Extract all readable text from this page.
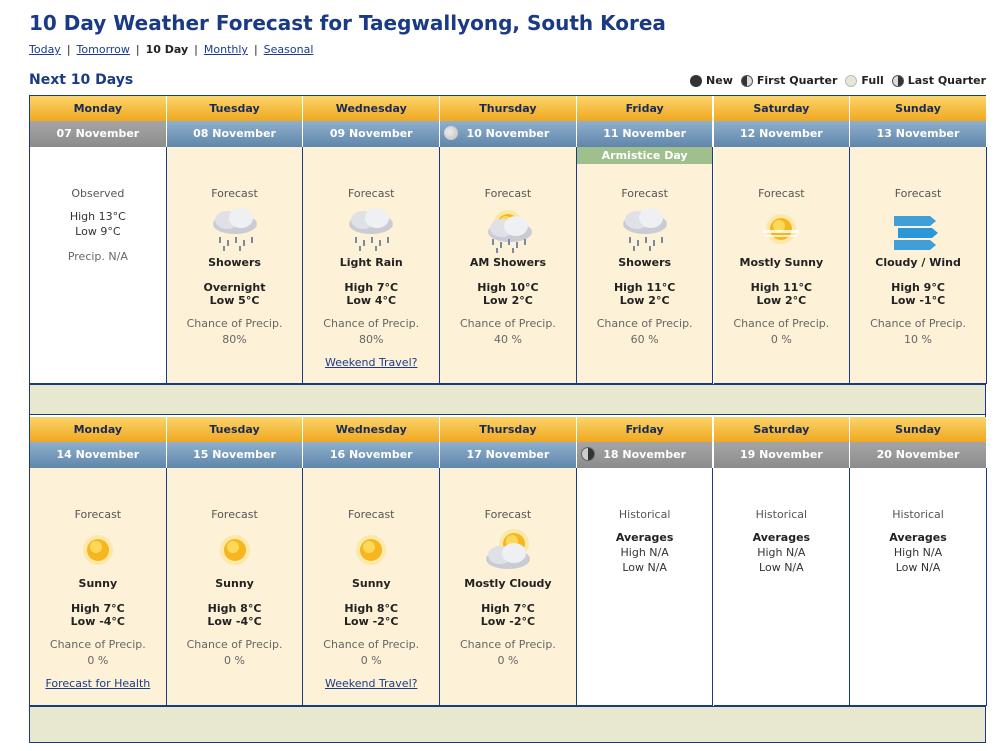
10 Day Weather Forecast for Taegwallyong, South Korea
Today | Tomorrow | 10 Day | Monthly | Seasonal
Next 10 Days	New First Quarter Full Last Quarter
Monday
07 November
Observed
High 13°C
Low 9°C
Precip. N/A
Tuesday
08 November
Forecast
Showers
Overnight
Low 5°C
Chance of Precip.
80%
Wednesday
09 November
Forecast
Light Rain
High 7°C
Low 4°C
Chance of Precip.
80%
Weekend Travel?
Thursday
10 November
Forecast
AM Showers
High 10°C
Low 2°C
Chance of Precip.
40 %
Friday
11 November
Armistice Day
Forecast
Showers
High 11°C
Low 2°C
Chance of Precip.
60 %
Saturday
12 November
Forecast
Mostly Sunny
High 11°C
Low 2°C
Chance of Precip.
0 %
Sunday
13 November
Forecast
Cloudy / Wind
High 9°C
Low -1°C
Chance of Precip.
10 %
Monday
14 November
Forecast
Sunny
High 7°C
Low -4°C
Chance of Precip.
0 %
Forecast for Health
Tuesday
15 November
Forecast
Sunny
High 8°C
Low -4°C
Chance of Precip.
0 %
Wednesday
16 November
Forecast
Sunny
High 8°C
Low -2°C
Chance of Precip.
0 %
Weekend Travel?
Thursday
17 November
Forecast
Mostly Cloudy
High 7°C
Low -2°C
Chance of Precip.
0 %
Friday
18 November
Historical
Averages
High N/A
Low N/A
Saturday
19 November
Historical
Averages
High N/A
Low N/A
Sunday
20 November
Historical
Averages
High N/A
Low N/A
